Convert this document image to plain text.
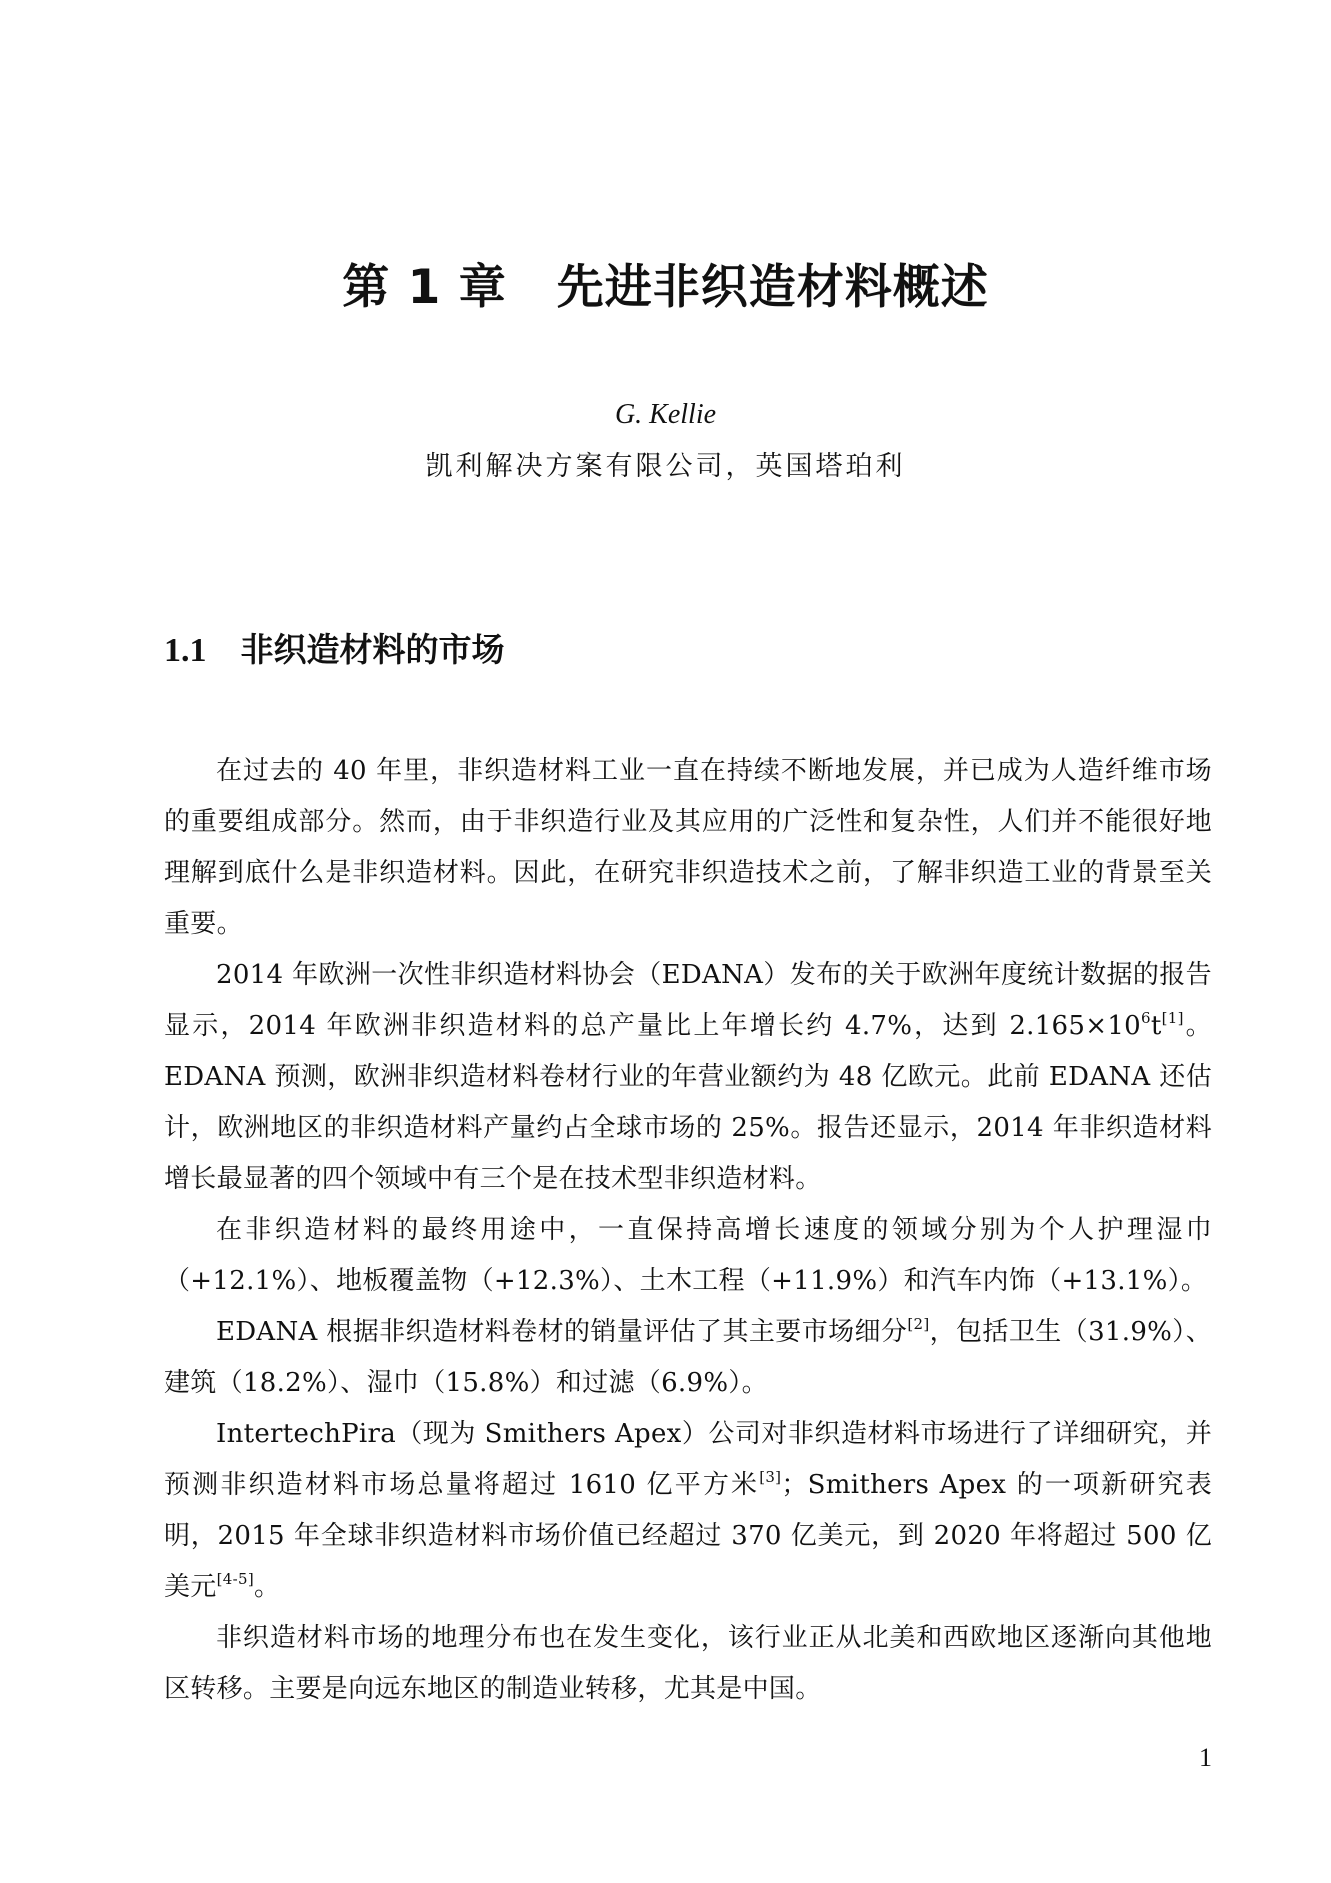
第 1 章 先进非织造材料概述
G. Kellie
凯利解决方案有限公司，英国塔珀利
1.1 非织造材料的市场

在过去的 40 年里，非织造材料工业一直在持续不断地发展，并已成为人造纤维市场的重要组成部分。然而，由于非织造行业及其应用的广泛性和复杂性，人们并不能很好地理解到底什么是非织造材料。因此，在研究非织造技术之前，了解非织造工业的背景至关重要。

2014 年欧洲一次性非织造材料协会（EDANA）发布的关于欧洲年度统计数据的报告显示，2014 年欧洲非织造材料的总产量比上年增长约 4.7%，达到 $2.165\times 10^6t[1]$。EDANA 预测，欧洲非织造材料卷材行业的年营业额约为 48 亿欧元。此前 EDANA 还估计，欧洲地区的非织造材料产量约占全球市场的 25%。报告还显示，2014 年非织造材料增长最显著的四个领域中有三个是在技术型非织造材料。

在非织造材料的最终用途中，一直保持高增长速度的领域分别为个人护理湿巾（+12.1%）、地板覆盖物（+12.3%）、土木工程（+11.9%）和汽车内饰（+13.1%）。

EDANA 根据非织造材料卷材的销量评估了其主要市场细分[2]，包括卫生（31.9%）、建筑（18.2%）、湿巾（15.8%）和过滤（6.9%）。

IntertechPira（现为 Smithers Apex）公司对非织造材料市场进行了详细研究，并预测非织造材料市场总量将超过 1610 亿平方米[3]；Smithers Apex 的一项新研究表明，2015 年全球非织造材料市场价值已经超过 370 亿美元，到 2020 年将超过 500 亿美元[4-5]。

非织造材料市场的地理分布也在发生变化，该行业正从北美和西欧地区逐渐向其他地区转移。主要是向远东地区的制造业转移，尤其是中国。

1
